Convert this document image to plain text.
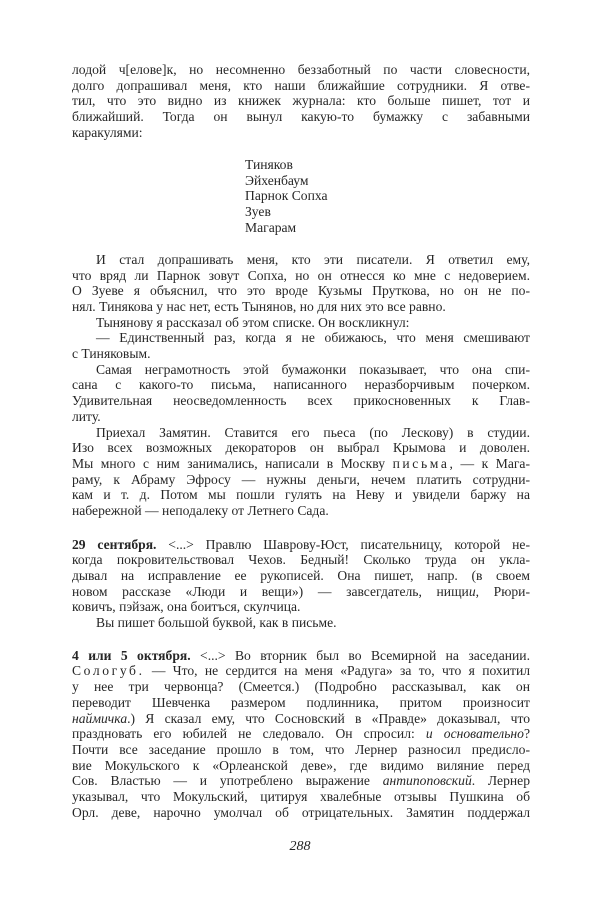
лодой ч[елове]к, но несомненно беззаботный по части словесности,
долго допрашивал меня, кто наши ближайшие сотрудники. Я отве-
тил, что это видно из книжек журнала: кто больше пишет, тот и
ближайший. Тогда он вынул какую-то бумажку с забавными
каракулями:
Тиняков
Эйхенбаум
Парнок Сопха
Зуев
Магарам
И стал допрашивать меня, кто эти писатели. Я ответил ему,
что вряд ли Парнок зовут Сопха, но он отнесся ко мне с недоверием.
О Зуеве я объяснил, что это вроде Кузьмы Пруткова, но он не по-
нял. Тинякова у нас нет, есть Тынянов, но для них это все равно.
Тынянову я рассказал об этом списке. Он воскликнул:
— Единственный раз, когда я не обижаюсь, что меня смешивают
с Тиняковым.
Самая неграмотность этой бумажонки показывает, что она спи-
сана с какого-то письма, написанного неразборчивым почерком.
Удивительная неосведомленность всех прикосновенных к Глав-
литу.
Приехал Замятин. Ставится его пьеса (по Лескову) в студии.
Изо всех возможных декораторов он выбрал Крымова и доволен.
Мы много с ним занимались, написали в Москву письма, — к Мага-
раму, к Абраму Эфросу — нужны деньги, нечем платить сотрудни-
кам и т. д. Потом мы пошли гулять на Неву и увидели баржу на
набережной — неподалеку от Летнего Сада.
29 сентября. <...> Правлю Шаврову-Юст, писательницу, которой не-
когда покровительствовал Чехов. Бедный! Сколько труда он укла-
дывал на исправление ее рукописей. Она пишет, напр. (в своем
новом рассказе «Люди и вещи») — завсегдатель, нищии, Рюри-
ковичъ, пэйзаж, она боитъся, скупчица.
Вы пишет большой буквой, как в письме.
4 или 5 октября. <...> Во вторник был во Всемирной на заседании.
Сологуб. — Что, не сердится на меня «Радуга» за то, что я похитил
у нее три червонца? (Смеется.) (Подробно рассказывал, как он
переводит Шевченка размером подлинника, притом произносит
наймичка.) Я сказал ему, что Сосновский в «Правде» доказывал, что
праздновать его юбилей не следовало. Он спросил: и основательно?
Почти все заседание прошло в том, что Лернер разносил предисло-
вие Мокульского к «Орлеанской деве», где видимо виляние перед
Сов. Властью — и употреблено выражение антипоповский. Лернер
указывал, что Мокульский, цитируя хвалебные отзывы Пушкина об
Орл. деве, нарочно умолчал об отрицательных. Замятин поддержал
288
